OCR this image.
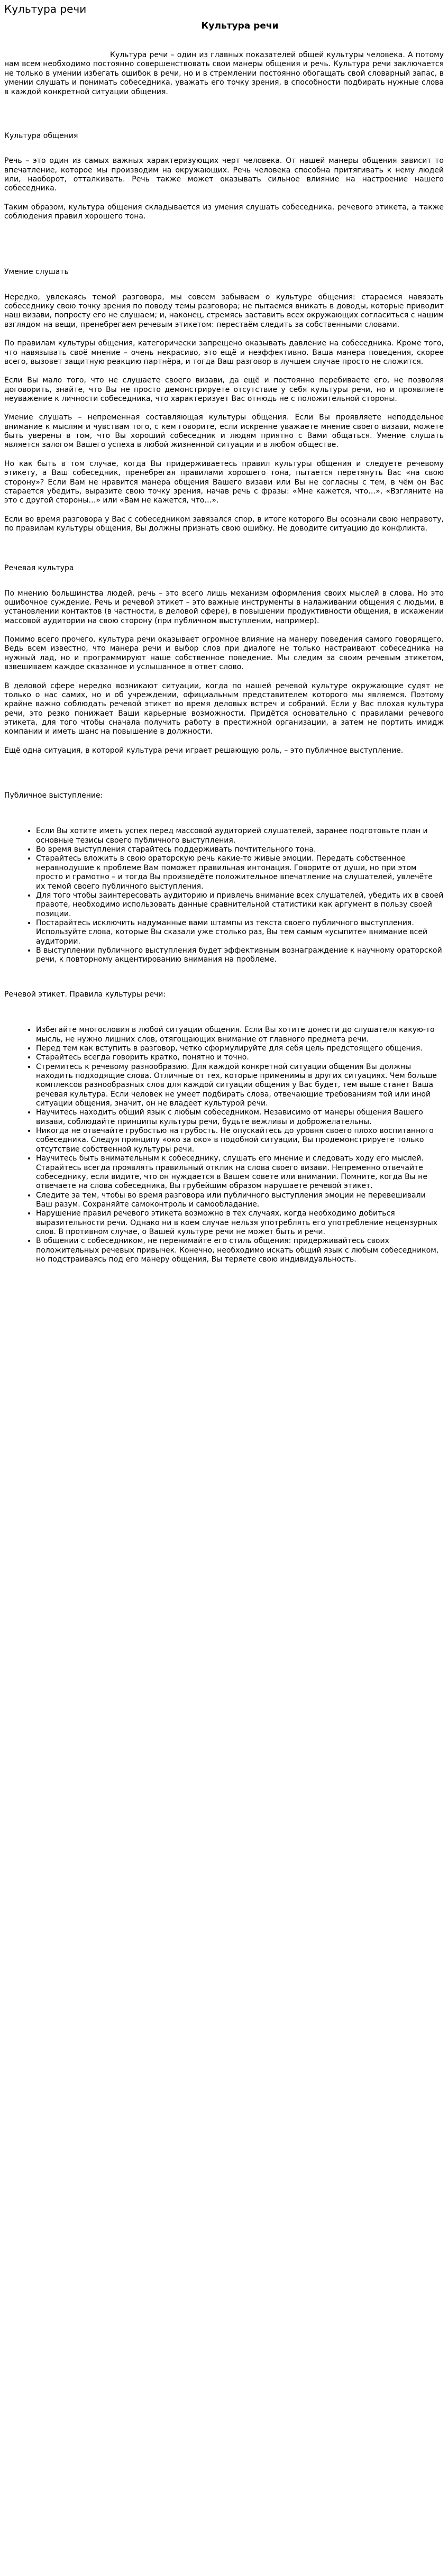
Культура речи
Культура речи

Культура речи – один из главных показателей общей культуры человека. А потому нам всем необходимо постоянно совершенствовать свои манеры общения и речь. Культура речи заключается не только в умении избегать ошибок в речи, но и в стремлении постоянно обогащать свой словарный запас, в умении слушать и понимать собеседника, уважать его точку зрения, в способности подбирать нужные слова в каждой конкретной ситуации общения.

Культура общения

Речь – это один из самых важных характеризующих черт человека. От нашей манеры общения зависит то впечатление, которое мы производим на окружающих. Речь человека способна притягивать к нему людей или, наоборот, отталкивать. Речь также может оказывать сильное влияние на настроение нашего собеседника.

Таким образом, культура общения складывается из умения слушать собеседника, речевого этикета, а также соблюдения правил хорошего тона.

Умение слушать

Нередко, увлекаясь темой разговора, мы совсем забываем о культуре общения: стараемся навязать собеседнику свою точку зрения по поводу темы разговора; не пытаемся вникать в доводы, которые приводит наш визави, попросту его не слушаем; и, наконец, стремясь заставить всех окружающих согласиться с нашим взглядом на вещи, пренебрегаем речевым этикетом: перестаём следить за собственными словами.

По правилам культуры общения, категорически запрещено оказывать давление на собеседника. Кроме того, что навязывать своё мнение – очень некрасиво, это ещё и неэффективно. Ваша манера поведения, скорее всего, вызовет защитную реакцию партнёра, и тогда Ваш разговор в лучшем случае просто не сложится.

Если Вы мало того, что не слушаете своего визави, да ещё и постоянно перебиваете его, не позволяя договорить, знайте, что Вы не просто демонстрируете отсутствие у себя культуры речи, но и проявляете неуважение к личности собеседника, что характеризует Вас отнюдь не с положительной стороны.

Умение слушать – непременная составляющая культуры общения. Если Вы проявляете неподдельное внимание к мыслям и чувствам того, с кем говорите, если искренне уважаете мнение своего визави, можете быть уверены в том, что Вы хороший собеседник и людям приятно с Вами общаться. Умение слушать является залогом Вашего успеха в любой жизненной ситуации и в любом обществе.

Но как быть в том случае, когда Вы придерживаетесь правил культуры общения и следуете речевому этикету, а Ваш собеседник, пренебрегая правилами хорошего тона, пытается перетянуть Вас «на свою сторону»? Если Вам не нравится манера общения Вашего визави или Вы не согласны с тем, в чём он Вас старается убедить, выразите свою точку зрения, начав речь с фразы: «Мне кажется, что…», «Взгляните на это с другой стороны…» или «Вам не кажется, что…».

Если во время разговора у Вас с собеседником завязался спор, в итоге которого Вы осознали свою неправоту, по правилам культуры общения, Вы должны признать свою ошибку. Не доводите ситуацию до конфликта.

Речевая культура

По мнению большинства людей, речь – это всего лишь механизм оформления своих мыслей в слова. Но это ошибочное суждение. Речь и речевой этикет – это важные инструменты в налаживании общения с людьми, в установлении контактов (в частности, в деловой сфере), в повышении продуктивности общения, в искажении массовой аудитории на свою сторону (при публичном выступлении, например).

Помимо всего прочего, культура речи оказывает огромное влияние на манеру поведения самого говорящего. Ведь всем известно, что манера речи и выбор слов при диалоге не только настраивают собеседника на нужный лад, но и программируют наше собственное поведение. Мы следим за своим речевым этикетом, взвешиваем каждое сказанное и услышанное в ответ слово.

В деловой сфере нередко возникают ситуации, когда по нашей речевой культуре окружающие судят не только о нас самих, но и об учреждении, официальным представителем которого мы являемся. Поэтому крайне важно соблюдать речевой этикет во время деловых встреч и собраний. Если у Вас плохая культура речи, это резко понижает Ваши карьерные возможности. Придётся основательно с правилами речевого этикета, для того чтобы сначала получить работу в престижной организации, а затем не портить имидж компании и иметь шанс на повышение в должности.

Ещё одна ситуация, в которой культура речи играет решающую роль, – это публичное выступление.

Публичное выступление:
• Если Вы хотите иметь успех перед массовой аудиторией слушателей, заранее подготовьте план и основные тезисы своего публичного выступления.
• Во время выступления старайтесь поддерживать почтительного тона.
• Старайтесь вложить в свою ораторскую речь какие-то живые эмоции. Передать собственное неравнодушие к проблеме Вам поможет правильная интонация. Говорите от души, но при этом просто и грамотно – и тогда Вы произведёте положительное впечатление на слушателей, увлечёте их темой своего публичного выступления.
• Для того чтобы заинтересовать аудиторию и привлечь внимание всех слушателей, убедить их в своей правоте, необходимо использовать данные сравнительной статистики как аргумент в пользу своей позиции.
• Постарайтесь исключить надуманные вами штампы из текста своего публичного выступления. Используйте слова, которые Вы сказали уже столько раз, Вы тем самым «усыпите» внимание всей аудитории.
• В выступлении публичного выступления будет эффективным вознаграждение к научному ораторской речи, к повторному акцентированию внимания на проблеме.
Речевой этикет. Правила культуры речи:
• Избегайте многословия в любой ситуации общения. Если Вы хотите донести до слушателя какую-то мысль, не нужно лишних слов, отягощающих внимание от главного предмета речи.
• Перед тем как вступить в разговор, четко сформулируйте для себя цель предстоящего общения.
• Старайтесь всегда говорить кратко, понятно и точно.
• Стремитесь к речевому разнообразию. Для каждой конкретной ситуации общения Вы должны находить подходящие слова. Отличные от тех, которые применимы в других ситуациях. Чем больше комплексов разнообразных слов для каждой ситуации общения у Вас будет, тем выше станет Ваша речевая культура. Если человек не умеет подбирать слова, отвечающие требованиям той или иной ситуации общения, значит, он не владеет культурой речи.
• Научитесь находить общий язык с любым собеседником. Независимо от манеры общения Вашего визави, соблюдайте принципы культуры речи, будьте вежливы и доброжелательны.
• Никогда не отвечайте грубостью на грубость. Не опускайтесь до уровня своего плохо воспитанного собеседника. Следуя принципу «око за око» в подобной ситуации, Вы продемонстрируете только отсутствие собственной культуры речи.
• Научитесь быть внимательным к собеседнику, слушать его мнение и следовать ходу его мыслей. Старайтесь всегда проявлять правильный отклик на слова своего визави. Непременно отвечайте собеседнику, если видите, что он нуждается в Вашем совете или внимании. Помните, когда Вы не отвечаете на слова собеседника, Вы грубейшим образом нарушаете речевой этикет.
• Следите за тем, чтобы во время разговора или публичного выступления эмоции не перевешивали Ваш разум. Сохраняйте самоконтроль и самообладание.
• Нарушение правил речевого этикета возможно в тех случаях, когда необходимо добиться выразительности речи. Однако ни в коем случае нельзя употреблять его употребление нецензурных слов. В противном случае, о Вашей культуре речи не может быть и речи.
• В общении с собеседником, не перенимайте его стиль общения: придерживайтесь своих положительных речевых привычек. Конечно, необходимо искать общий язык с любым собеседником, но подстраиваясь под его манеру общения, Вы теряете свою индивидуальность.
